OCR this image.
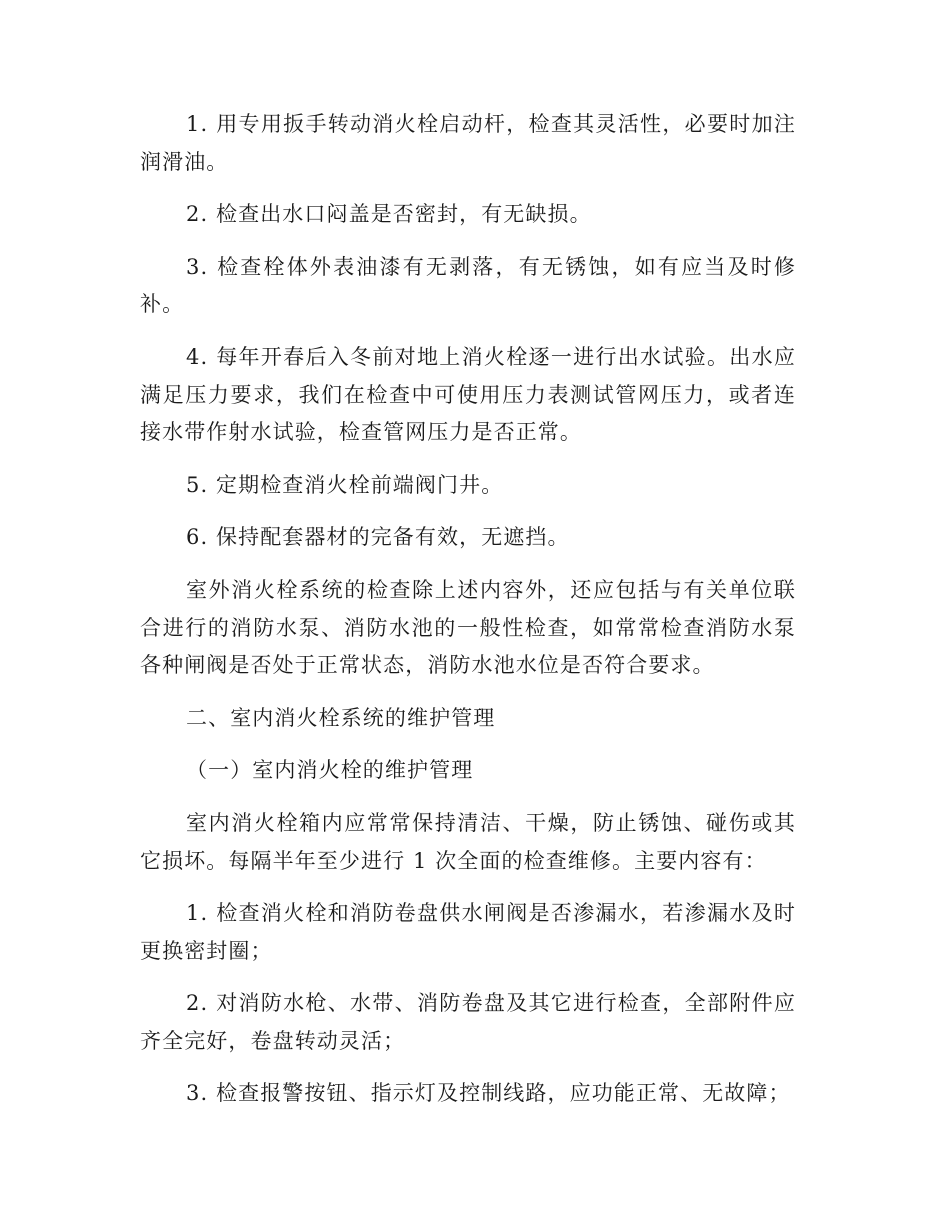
1. 用专用扳手转动消火栓启动杆，检查其灵活性，必要时加注润滑油。

2. 检查出水口闷盖是否密封，有无缺损。

3. 检查栓体外表油漆有无剥落，有无锈蚀，如有应当及时修补。

4. 每年开春后入冬前对地上消火栓逐一进行出水试验。出水应满足压力要求，我们在检查中可使用压力表测试管网压力，或者连接水带作射水试验，检查管网压力是否正常。

5. 定期检查消火栓前端阀门井。

6. 保持配套器材的完备有效，无遮挡。

室外消火栓系统的检查除上述内容外，还应包括与有关单位联合进行的消防水泵、消防水池的一般性检查，如常常检查消防水泵各种闸阀是否处于正常状态，消防水池水位是否符合要求。

二、室内消火栓系统的维护管理

（一）室内消火栓的维护管理

室内消火栓箱内应常常保持清洁、干燥，防止锈蚀、碰伤或其它损坏。每隔半年至少进行 1 次全面的检查维修。主要内容有：

1. 检查消火栓和消防卷盘供水闸阀是否渗漏水，若渗漏水及时更换密封圈；

2. 对消防水枪、水带、消防卷盘及其它进行检查，全部附件应齐全完好，卷盘转动灵活；

3. 检查报警按钮、指示灯及控制线路，应功能正常、无故障；
